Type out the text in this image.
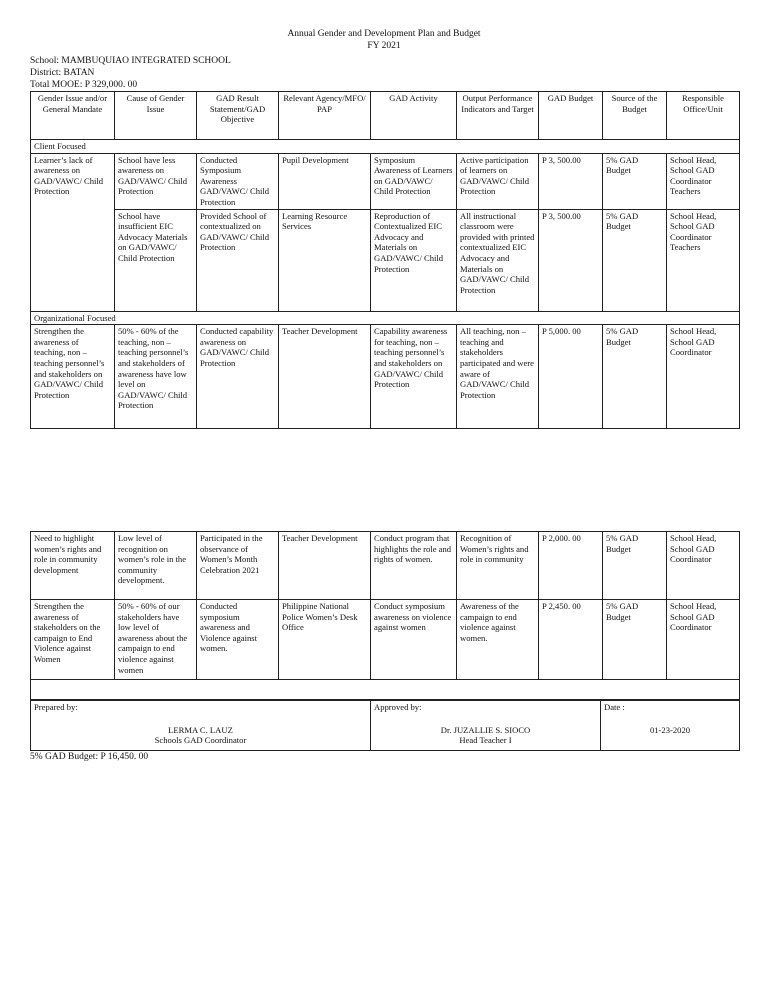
Annual Gender and Development Plan and Budget
FY 2021
School: MAMBUQUIAO INTEGRATED SCHOOL
District: BATAN
Total MOOE: P 329,000. 00
Gender Issue and/or General Mandate	Cause of Gender Issue	GAD Result Statement/GAD Objective	Relevant Agency/MFO/ PAP	GAD Activity	Output Performance Indicators and Target	GAD Budget	Source of the Budget	Responsible Office/Unit
Client Focused								
Learner’s lack of awareness on GAD/VAWC/ Child Protection	School have less awareness on GAD/VAWC/ Child Protection	Conducted Symposium Awareness GAD/VAWC/ Child Protection	Pupil Development	Symposium Awareness of Learners on GAD/VAWC/ Child Protection	Active participation of learners on GAD/VAWC/ Child Protection	P 3, 500.00	5% GAD Budget	School Head, School GAD Coordinator Teachers
	School have insufficient EIC Advocacy Materials on GAD/VAWC/ Child Protection	Provided School of contextualized on GAD/VAWC/ Child Protection	Learning Resource Services	Reproduction of Contextualized EIC Advocacy and Materials on GAD/VAWC/ Child Protection	All instructional classroom were provided with printed contextualized EIC Advocacy and Materials on GAD/VAWC/ Child Protection	P 3, 500.00	5% GAD Budget	School Head, School GAD Coordinator Teachers
Organizational Focused								
Strengthen the awareness of teaching, non – teaching personnel’s and stakeholders on GAD/VAWC/ Child Protection	50% - 60% of the teaching, non – teaching personnel’s and stakeholders of awareness have low level on GAD/VAWC/ Child Protection	Conducted capability awareness on GAD/VAWC/ Child Protection	Teacher Development	Capability awareness for teaching, non – teaching personnel’s and stakeholders on GAD/VAWC/ Child Protection	All teaching, non – teaching and stakeholders participated and were aware of GAD/VAWC/ Child Protection	P 5,000. 00	5% GAD Budget	School Head, School GAD Coordinator
Need to highlight women’s rights and role in community development	Low level of recognition on women’s role in the community development.	Participated in the observance of Women’s Month Celebration 2021	Teacher Development	Conduct program that highlights the role and rights of women.	Recognition of Women’s rights and role in community	P 2,000. 00	5% GAD Budget	School Head, School GAD Coordinator
Strengthen the awareness of stakeholders on the campaign to End Violence against Women	50% - 60% of our stakeholders have low level of awareness about the campaign to end violence against women	Conducted symposium awareness and Violence against women.	Philippine National Police Women’s Desk Office	Conduct symposium awareness on violence against women	Awareness of the campaign to end violence against women.	P 2,450. 00	5% GAD Budget	School Head, School GAD Coordinator

Prepared by:
LERMA C. LAUZ
Schools GAD Coordinator

Approved by:
Dr. JUZALLIE S. SIOCO
Head Teacher I

Date :
01-23-2020
5% GAD Budget: P 16,450. 00
